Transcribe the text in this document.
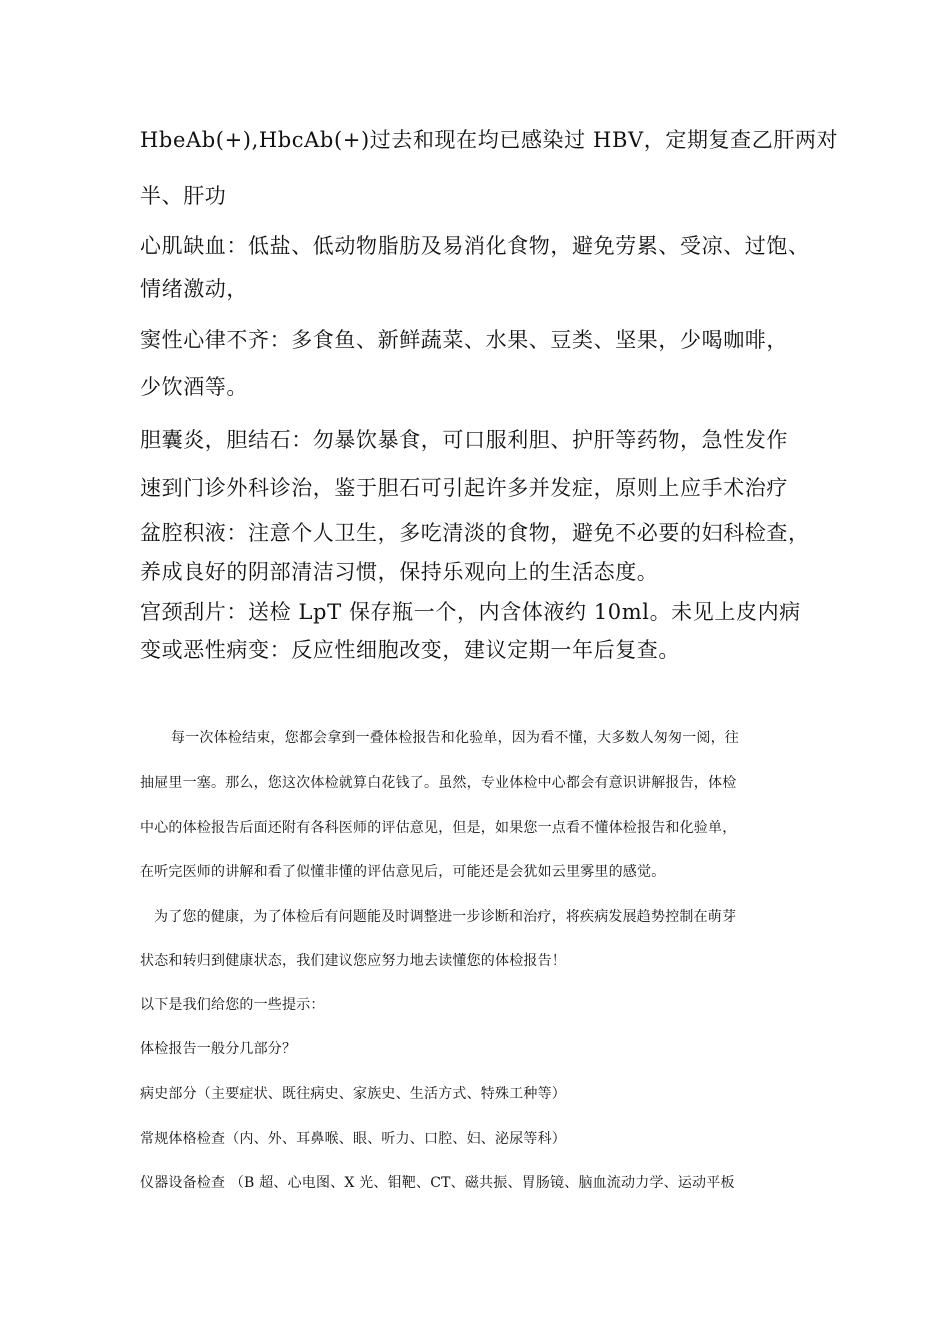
HbeAb(+),HbcAb(+)过去和现在均已感染过 HBV，定期复查乙肝两对
半、肝功
心肌缺血：低盐、低动物脂肪及易消化食物，避免劳累、受凉、过饱、
情绪激动，
窦性心律不齐：多食鱼、新鲜蔬菜、水果、豆类、坚果，少喝咖啡，
少饮酒等。
胆囊炎，胆结石：勿暴饮暴食，可口服利胆、护肝等药物，急性发作
速到门诊外科诊治，鉴于胆石可引起许多并发症，原则上应手术治疗
盆腔积液：注意个人卫生，多吃清淡的食物，避免不必要的妇科检查，
养成良好的阴部清洁习惯，保持乐观向上的生活态度。
宫颈刮片：送检 LpT 保存瓶一个，内含体液约 10ml。未见上皮内病
变或恶性病变：反应性细胞改变，建议定期一年后复查。
每一次体检结束，您都会拿到一叠体检报告和化验单，因为看不懂，大多数人匆匆一阅，往
抽屉里一塞。那么，您这次体检就算白花钱了。虽然，专业体检中心都会有意识讲解报告，体检
中心的体检报告后面还附有各科医师的评估意见，但是，如果您一点看不懂体检报告和化验单，
在听完医师的讲解和看了似懂非懂的评估意见后，可能还是会犹如云里雾里的感觉。
为了您的健康，为了体检后有问题能及时调整进一步诊断和治疗，将疾病发展趋势控制在萌芽
状态和转归到健康状态，我们建议您应努力地去读懂您的体检报告！
以下是我们给您的一些提示：
体检报告一般分几部分？
病史部分（主要症状、既往病史、家族史、生活方式、特殊工种等）
常规体格检查（内、外、耳鼻喉、眼、听力、口腔、妇、泌尿等科）
仪器设备检查 （B 超、心电图、X 光、钼靶、CT、磁共振、胃肠镜、脑血流动力学、运动平板
